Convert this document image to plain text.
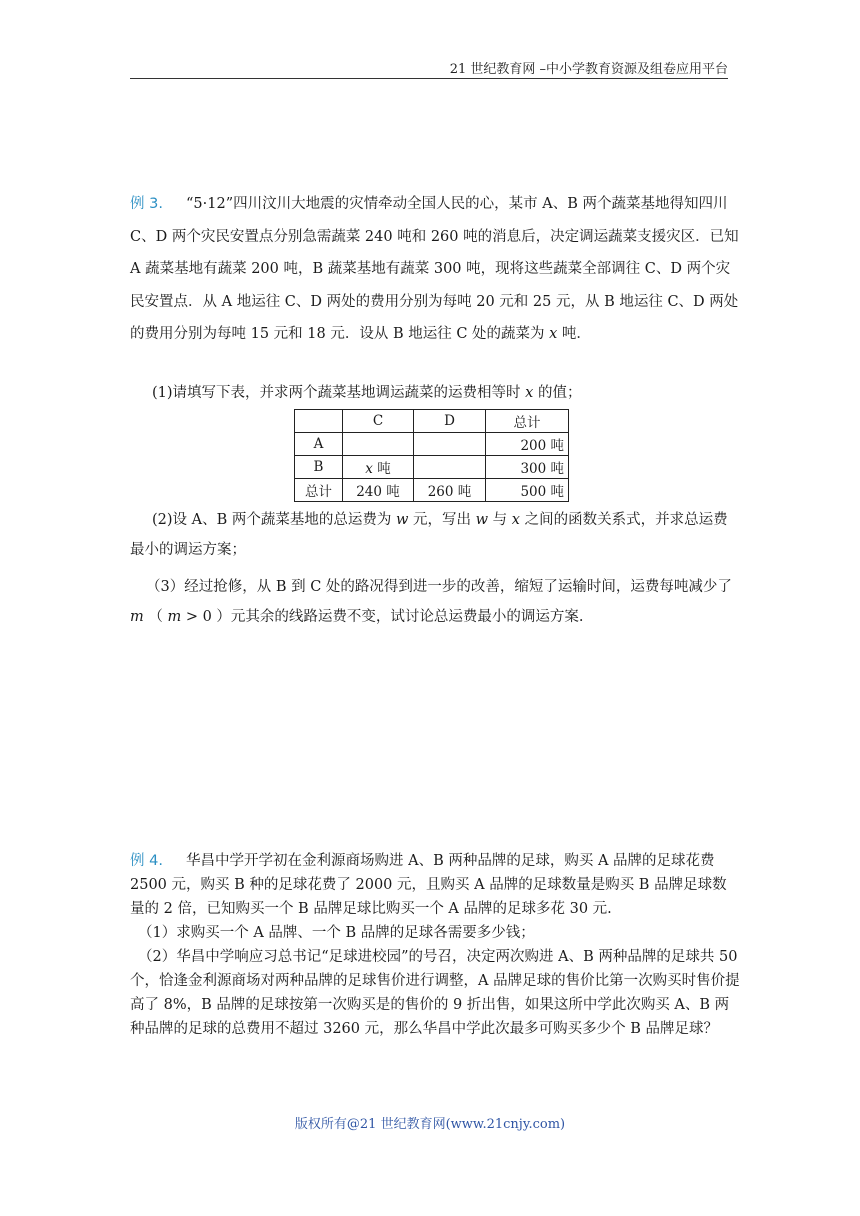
21 世纪教育网 –中小学教育资源及组卷应用平台
例 3. “5·12”四川汶川大地震的灾情牵动全国人民的心，某市 A、B 两个蔬菜基地得知四川 C、D 两个灾民安置点分别急需蔬菜 240 吨和 260 吨的消息后，决定调运蔬菜支援灾区．已知A 蔬菜基地有蔬菜 200 吨，B 蔬菜基地有蔬菜 300 吨，现将这些蔬菜全部调往 C、D 两个灾民安置点．从 A 地运往 C、D 两处的费用分别为每吨 20 元和 25 元，从 B 地运往 C、D 两处的费用分别为每吨 15 元和 18 元．设从 B 地运往 C 处的蔬菜为 x 吨．
(1)请填写下表，并求两个蔬菜基地调运蔬菜的运费相等时 x 的值；
	C	D	总计
A			200 吨
B	x 吨		300 吨
总计	240 吨	260 吨	500 吨
(2)设 A、B 两个蔬菜基地的总运费为 w 元，写出 w 与 x 之间的函数关系式，并求总运费最小的调运方案；
（3）经过抢修，从 B 到 C 处的路况得到进一步的改善，缩短了运输时间，运费每吨减少了 m （ m > 0 ）元其余的线路运费不变，试讨论总运费最小的调运方案.
例 4. 华昌中学开学初在金利源商场购进 A、B 两种品牌的足球，购买 A 品牌的足球花费 2500 元，购买 B 种的足球花费了 2000 元，且购买 A 品牌的足球数量是购买 B 品牌足球数量的 2 倍，已知购买一个 B 品牌足球比购买一个 A 品牌的足球多花 30 元.
（1）求购买一个 A 品牌、一个 B 品牌的足球各需要多少钱；
（2）华昌中学响应习总书记“足球进校园”的号召，决定两次购进 A、B 两种品牌的足球共 50 个，恰逢金利源商场对两种品牌的足球售价进行调整，A 品牌足球的售价比第一次购买时售价提高了 8%，B 品牌的足球按第一次购买是的售价的 9 折出售，如果这所中学此次购买 A、B 两种品牌的足球的总费用不超过 3260 元，那么华昌中学此次最多可购买多少个 B 品牌足球？
版权所有@21 世纪教育网(www.21cnjy.com)
